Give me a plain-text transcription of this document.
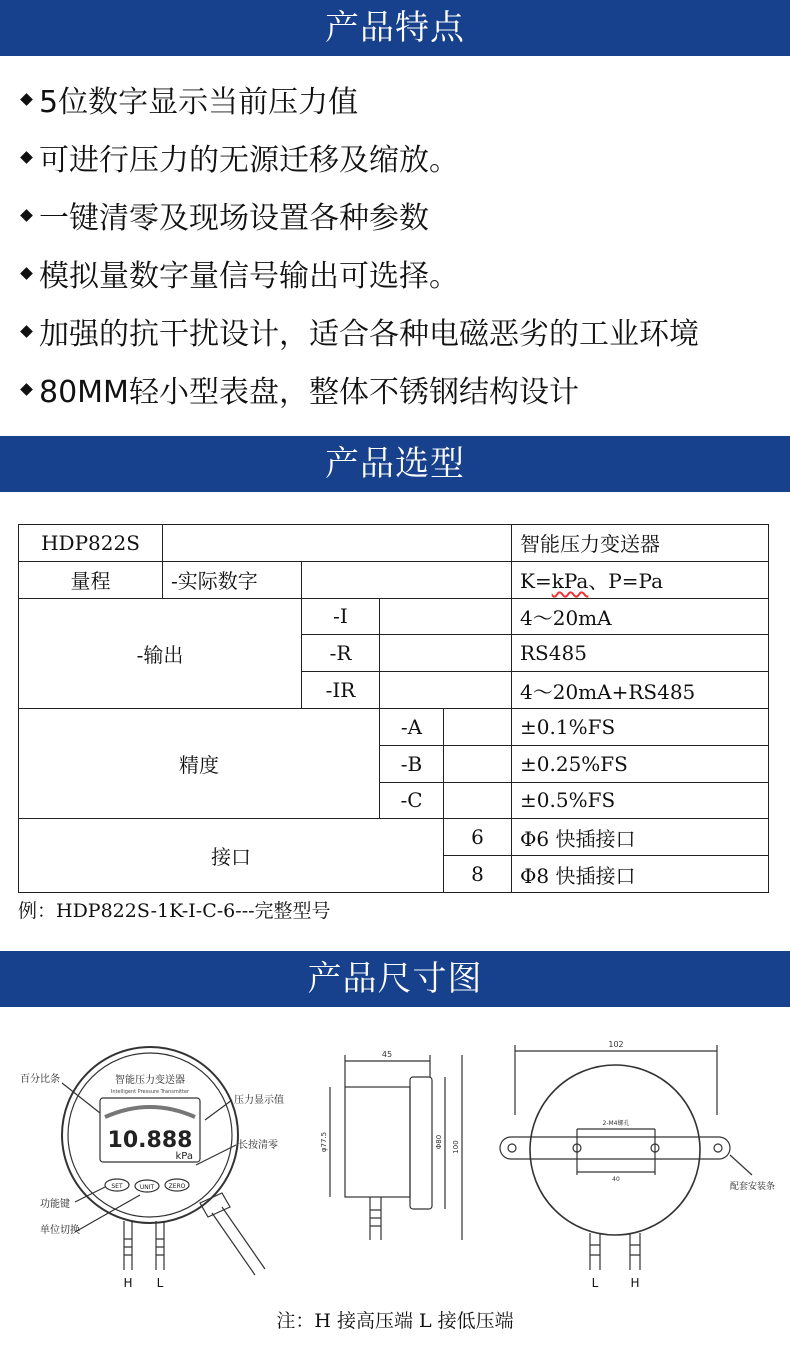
产品特点
5位数字显示当前压力值
可进行压力的无源迁移及缩放。
一键清零及现场设置各种参数
模拟量数字量信号输出可选择。
加强的抗干扰设计，适合各种电磁恶劣的工业环境
80MM轻小型表盘，整体不锈钢结构设计
产品选型
HDP822S					智能压力变送器
量程	-实际数字				K=kPa、P=Pa
-输出		-I			4～20mA
		-R			RS485
		-IR			4～20mA+RS485
精度			-A		±0.1%FS
			-B		±0.25%FS
			-C		±0.5%FS
接口				6	Φ6 快插接口
				8	Φ8 快插接口
例：HDP822S-1K-I-C-6---完整型号
产品尺寸图
智能压力变送器
Intelligent Pressure Transmitter
10.888
kPa
SET	UNIT ZERO
H L
百分比条
压力显示值
长按清零
功能键
单位切换
45
φ77.5	Φ80 100
102
2-M4螺孔
40
配套安装条
L	H
注：H 接高压端 L 接低压端
